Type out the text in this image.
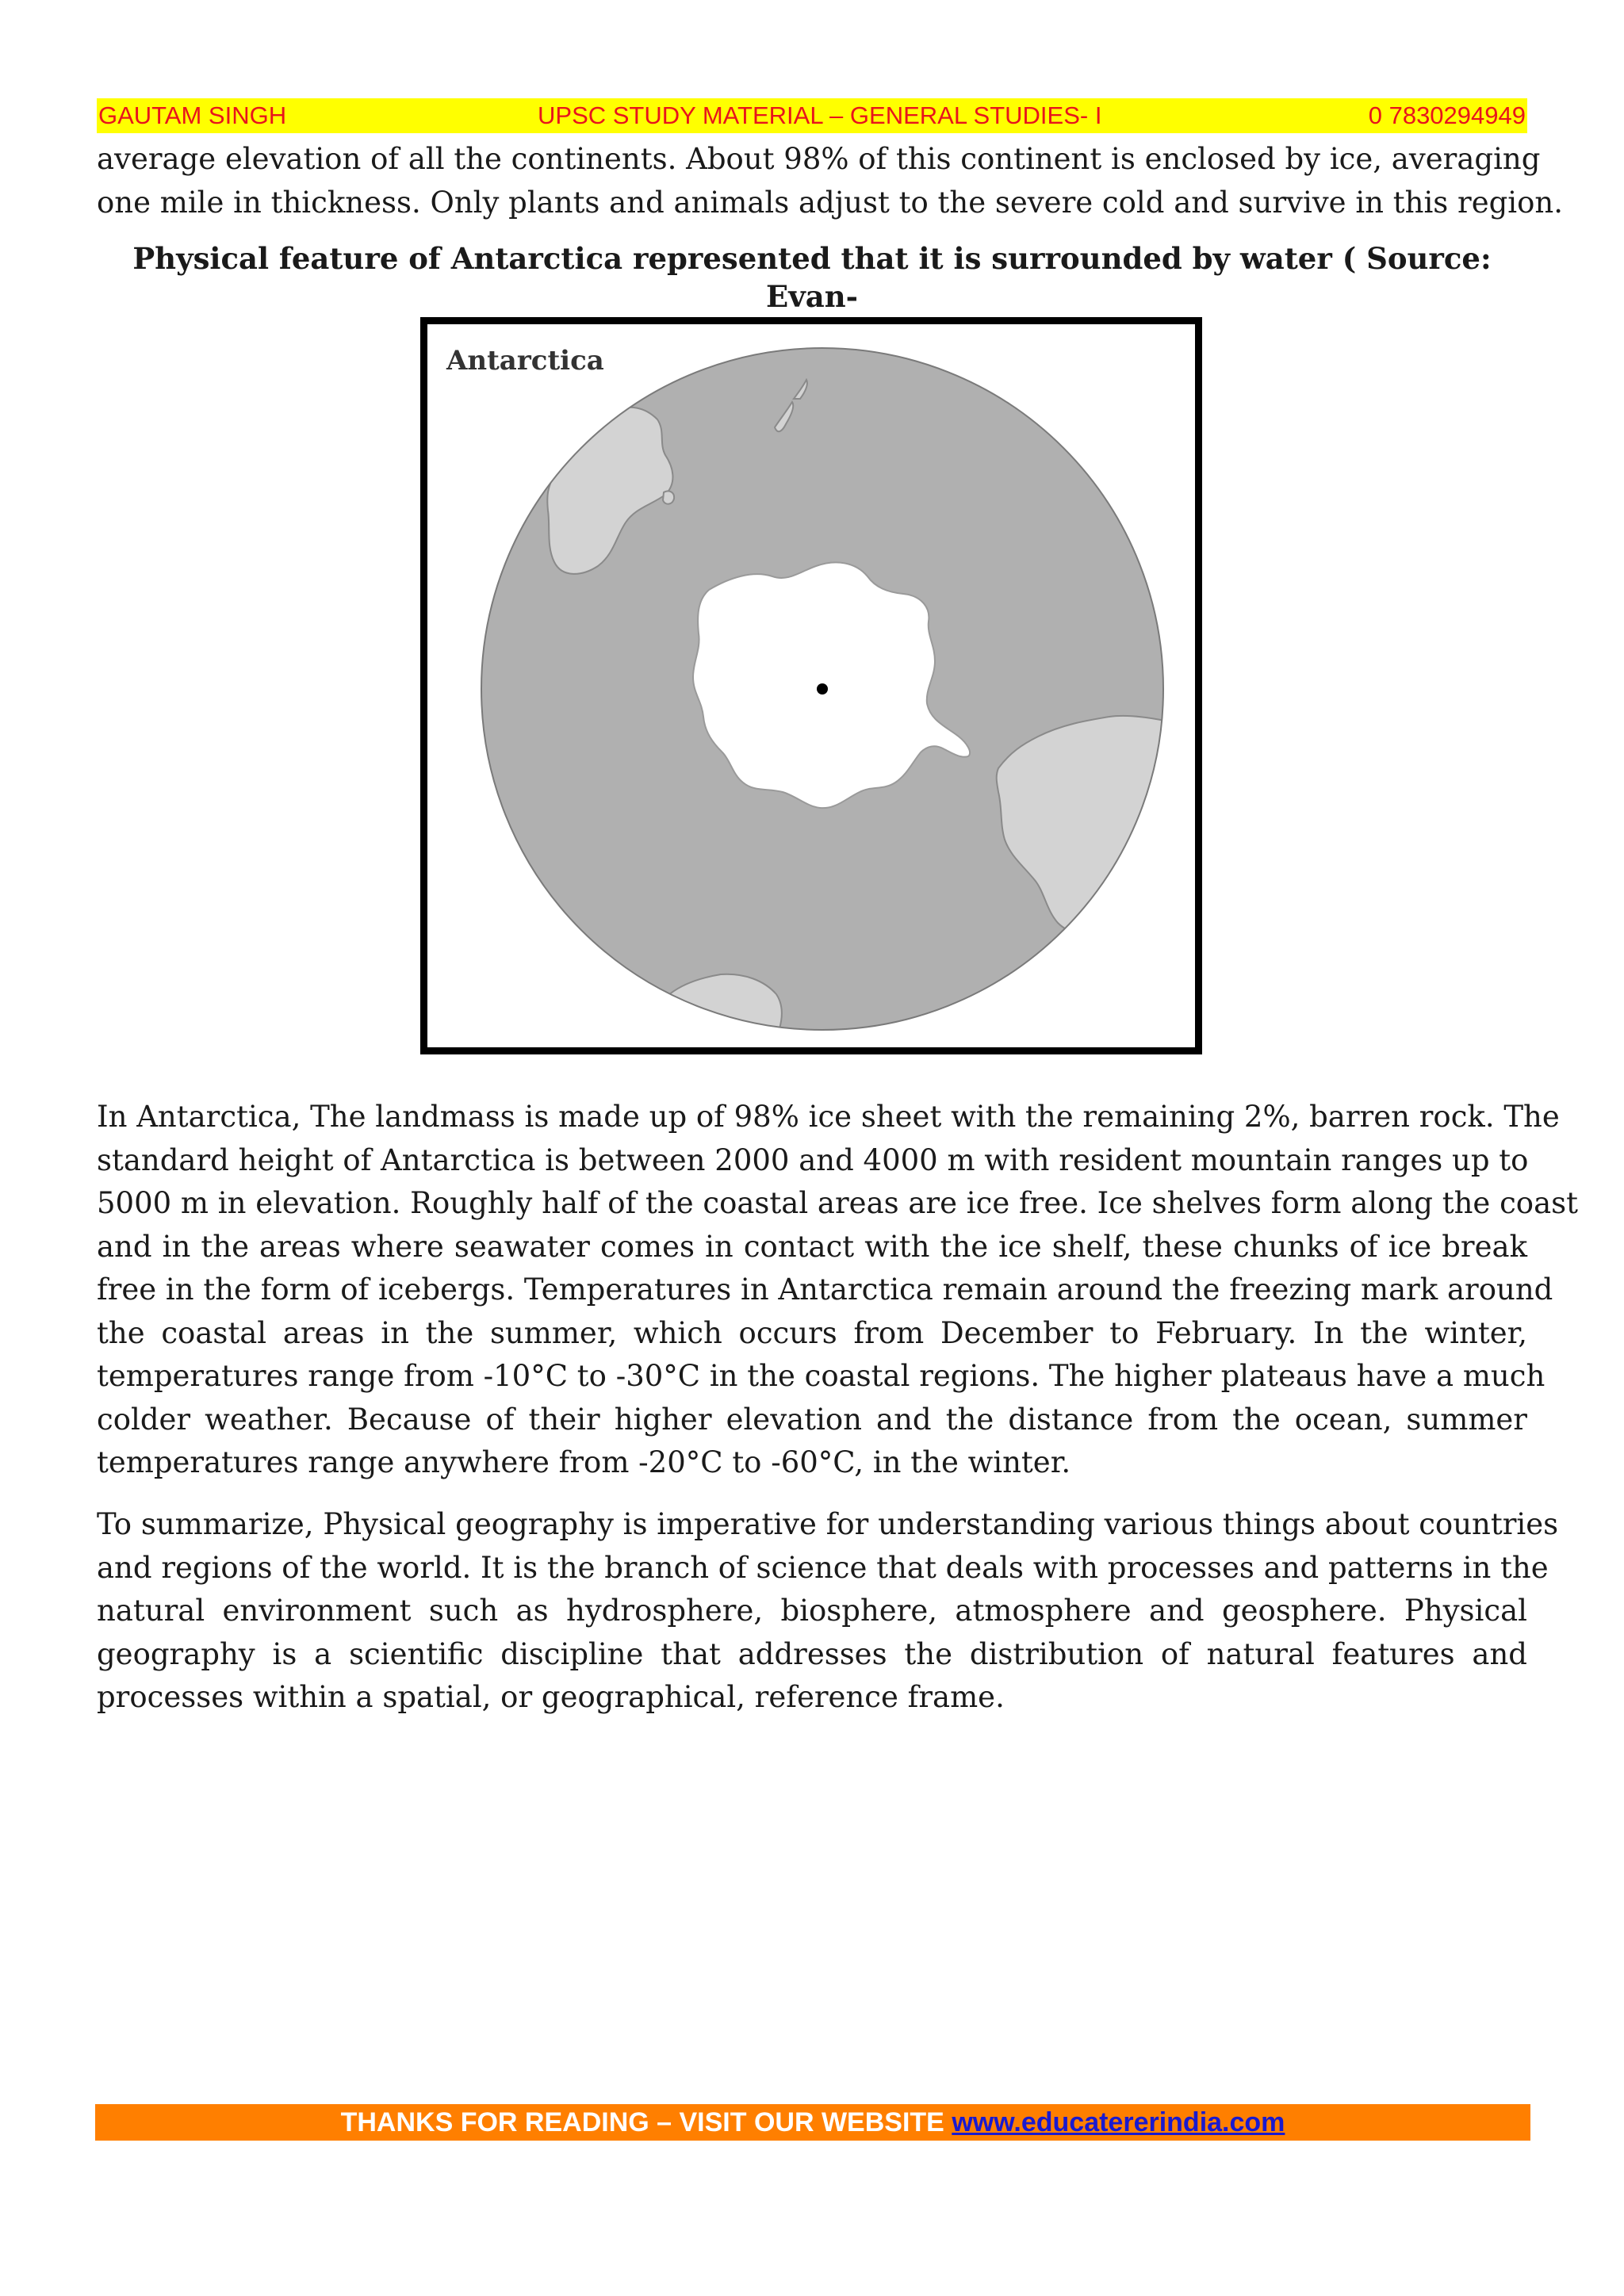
GAUTAM SINGH	UPSC STUDY MATERIAL – GENERAL STUDIES- I	0 7830294949

average elevation of all the continents. About 98% of this continent is enclosed by ice, averaging
one mile in thickness. Only plants and animals adjust to the severe cold and survive in this region.

Physical feature of Antarctica represented that it is surrounded by water ( Source: Evan-

Antarctica

In Antarctica, The landmass is made up of 98% ice sheet with the remaining 2%, barren rock. The
standard height of Antarctica is between 2000 and 4000 m with resident mountain ranges up to
5000 m in elevation. Roughly half of the coastal areas are ice free. Ice shelves form along the coast
and in the areas where seawater comes in contact with the ice shelf, these chunks of ice break
free in the form of icebergs. Temperatures in Antarctica remain around the freezing mark around
the coastal areas in the summer, which occurs from December to February. In the winter,
temperatures range from -10°C to -30°C in the coastal regions. The higher plateaus have a much
colder weather. Because of their higher elevation and the distance from the ocean, summer
temperatures range anywhere from -20°C to -60°C, in the winter.

To summarize, Physical geography is imperative for understanding various things about countries
and regions of the world. It is the branch of science that deals with processes and patterns in the
natural environment such as hydrosphere, biosphere, atmosphere and geosphere. Physical
geography is a scientific discipline that addresses the distribution of natural features and
processes within a spatial, or geographical, reference frame.

THANKS FOR READING – VISIT OUR WEBSITE www.educatererindia.com
